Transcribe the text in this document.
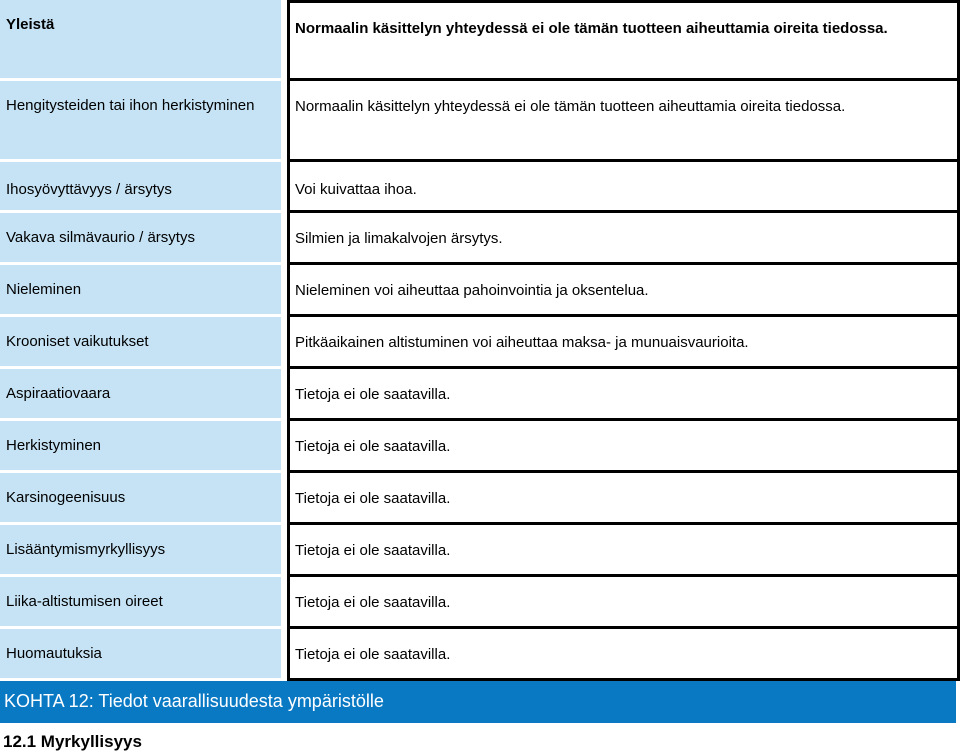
Yleistä	Normaalin käsittelyn yhteydessä ei ole tämän tuotteen aiheuttamia oireita tiedossa.
Hengitysteiden tai ihon herkistyminen	Normaalin käsittelyn yhteydessä ei ole tämän tuotteen aiheuttamia oireita tiedossa.
Ihosyövyttävyys / ärsytys	Voi kuivattaa ihoa.
Vakava silmävaurio / ärsytys	Silmien ja limakalvojen ärsytys.
Nieleminen	Nieleminen voi aiheuttaa pahoinvointia ja oksentelua.
Krooniset vaikutukset	Pitkäaikainen altistuminen voi aiheuttaa maksa- ja munuaisvaurioita.
Aspiraatiovaara	Tietoja ei ole saatavilla.
Herkistyminen	Tietoja ei ole saatavilla.
Karsinogeenisuus	Tietoja ei ole saatavilla.
Lisääntymismyrkyllisyys	Tietoja ei ole saatavilla.
Liika-altistumisen oireet	Tietoja ei ole saatavilla.
Huomautuksia	Tietoja ei ole saatavilla.
KOHTA 12: Tiedot vaarallisuudesta ympäristölle
12.1 Myrkyllisyys
